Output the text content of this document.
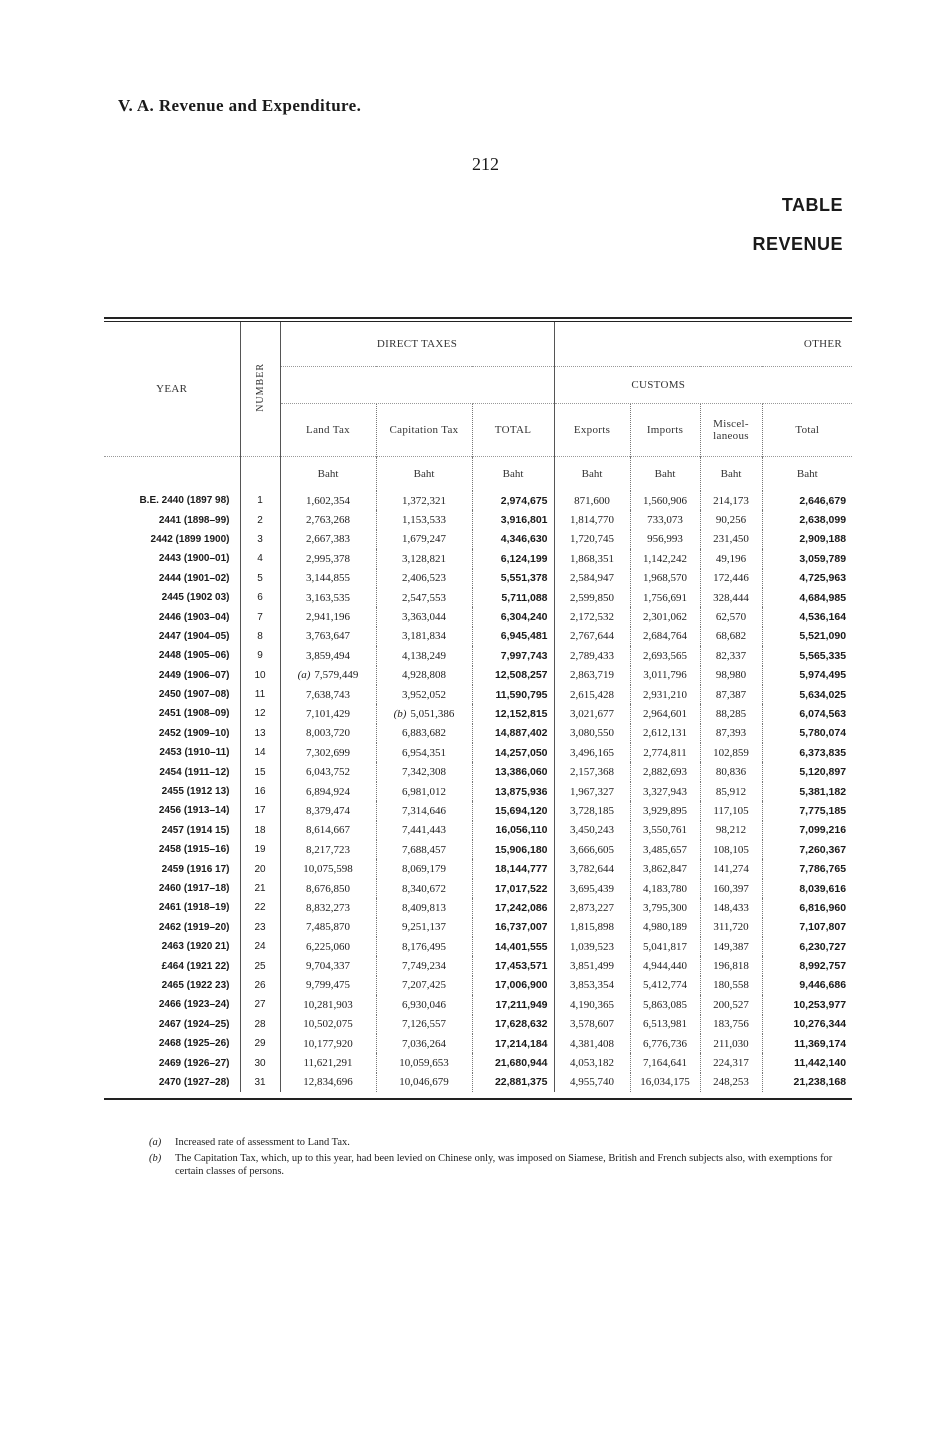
V. A. Revenue and Expenditure.
212
TABLE
REVENUE
YEAR	NUMBER	DIRECT TAXES			OTHER			
					CUSTOMS			
		Land Tax	Capitation Tax	TOTAL	Exports	Imports	Miscel-laneous	Total
		Baht	Baht	Baht	Baht	Baht	Baht	Baht
B.E. 2440 (1897 98)	1	1,602,354	1,372,321	2,974,675	871,600	1,560,906	214,173	2,646,679
2441 (1898–99)	2	2,763,268	1,153,533	3,916,801	1,814,770	733,073	90,256	2,638,099
2442 (1899 1900)	3	2,667,383	1,679,247	4,346,630	1,720,745	956,993	231,450	2,909,188
2443 (1900–01)	4	2,995,378	3,128,821	6,124,199	1,868,351	1,142,242	49,196	3,059,789
2444 (1901–02)	5	3,144,855	2,406,523	5,551,378	2,584,947	1,968,570	172,446	4,725,963
2445 (1902 03)	6	3,163,535	2,547,553	5,711,088	2,599,850	1,756,691	328,444	4,684,985
2446 (1903–04)	7	2,941,196	3,363,044	6,304,240	2,172,532	2,301,062	62,570	4,536,164
2447 (1904–05)	8	3,763,647	3,181,834	6,945,481	2,767,644	2,684,764	68,682	5,521,090
2448 (1905–06)	9	3,859,494	4,138,249	7,997,743	2,789,433	2,693,565	82,337	5,565,335
2449 (1906–07)	10	(a) 7,579,449	4,928,808	12,508,257	2,863,719	3,011,796	98,980	5,974,495
2450 (1907–08)	11	7,638,743	3,952,052	11,590,795	2,615,428	2,931,210	87,387	5,634,025
2451 (1908–09)	12	7,101,429	(b) 5,051,386	12,152,815	3,021,677	2,964,601	88,285	6,074,563
2452 (1909–10)	13	8,003,720	6,883,682	14,887,402	3,080,550	2,612,131	87,393	5,780,074
2453 (1910–11)	14	7,302,699	6,954,351	14,257,050	3,496,165	2,774,811	102,859	6,373,835
2454 (1911–12)	15	6,043,752	7,342,308	13,386,060	2,157,368	2,882,693	80,836	5,120,897
2455 (1912 13)	16	6,894,924	6,981,012	13,875,936	1,967,327	3,327,943	85,912	5,381,182
2456 (1913–14)	17	8,379,474	7,314,646	15,694,120	3,728,185	3,929,895	117,105	7,775,185
2457 (1914 15)	18	8,614,667	7,441,443	16,056,110	3,450,243	3,550,761	98,212	7,099,216
2458 (1915–16)	19	8,217,723	7,688,457	15,906,180	3,666,605	3,485,657	108,105	7,260,367
2459 (1916 17)	20	10,075,598	8,069,179	18,144,777	3,782,644	3,862,847	141,274	7,786,765
2460 (1917–18)	21	8,676,850	8,340,672	17,017,522	3,695,439	4,183,780	160,397	8,039,616
2461 (1918–19)	22	8,832,273	8,409,813	17,242,086	2,873,227	3,795,300	148,433	6,816,960
2462 (1919–20)	23	7,485,870	9,251,137	16,737,007	1,815,898	4,980,189	311,720	7,107,807
2463 (1920 21)	24	6,225,060	8,176,495	14,401,555	1,039,523	5,041,817	149,387	6,230,727
£464 (1921 22)	25	9,704,337	7,749,234	17,453,571	3,851,499	4,944,440	196,818	8,992,757
2465 (1922 23)	26	9,799,475	7,207,425	17,006,900	3,853,354	5,412,774	180,558	9,446,686
2466 (1923–24)	27	10,281,903	6,930,046	17,211,949	4,190,365	5,863,085	200,527	10,253,977
2467 (1924–25)	28	10,502,075	7,126,557	17,628,632	3,578,607	6,513,981	183,756	10,276,344
2468 (1925–26)	29	10,177,920	7,036,264	17,214,184	4,381,408	6,776,736	211,030	11,369,174
2469 (1926–27)	30	11,621,291	10,059,653	21,680,944	4,053,182	7,164,641	224,317	11,442,140
2470 (1927–28)	31	12,834,696	10,046,679	22,881,375	4,955,740	16,034,175	248,253	21,238,168
(a)	Increased rate of assessment to Land Tax.
(b)	The Capitation Tax, which, up to this year, had been levied on Chinese only, was imposed on Siamese, British and French subjects also, with exemptions for certain classes of persons.
